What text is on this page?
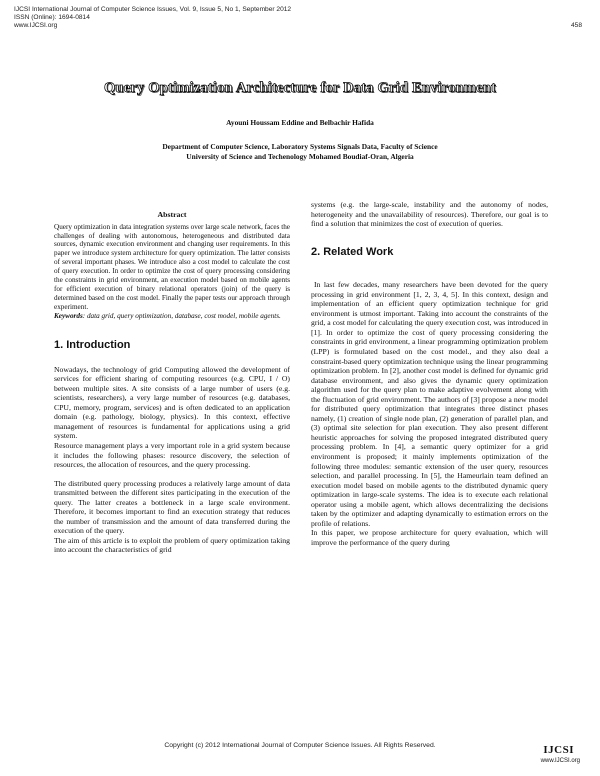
IJCSI International Journal of Computer Science Issues, Vol. 9, Issue 5, No 1, September 2012
ISSN (Online): 1694-0814
www.IJCSI.org	458
Query Optimization Architecture for Data Grid Environment
Ayouni Houssam Eddine and Belbachir Hafida
Department of Computer Science, Laboratory Systems Signals Data, Faculty of Science
University of Science and Techenology Mohamed Boudiaf-Oran, Algeria
Abstract

Query optimization in data integration systems over large scale network, faces the challenges of dealing with autonomous, heterogeneous and distributed data sources, dynamic execution environment and changing user requirements. In this paper we introduce system architecture for query optimization. The latter consists of several important phases. We introduce also a cost model to calculate the cost of query execution. In order to optimize the cost of query processing considering the constraints in grid environment, an execution model based on mobile agents for efficient execution of binary relational operators (join) of the query is determined based on the cost model. Finally the paper tests our approach through experiment.

Keywords: data grid, query optimization, database, cost model, mobile agents.

1. Introduction

Nowadays, the technology of grid Computing allowed the development of services for efficient sharing of computing resources (e.g. CPU, I / O) between multiple sites. A site consists of a large number of users (e.g. scientists, researchers), a very large number of resources (e.g. databases, CPU, memory, program, services) and is often dedicated to an application domain (e.g. pathology, biology, physics). In this context, effective management of resources is fundamental for applications using a grid system.

Resource management plays a very important role in a grid system because it includes the following phases: resource discovery, the selection of resources, the allocation of resources, and the query processing.

The distributed query processing produces a relatively large amount of data transmitted between the different sites participating in the execution of the query. The latter creates a bottleneck in a large scale environment. Therefore, it becomes important to find an execution strategy that reduces the number of transmission and the amount of data transferred during the execution of the query.

The aim of this article is to exploit the problem of query optimization taking into account the characteristics of grid

systems (e.g. the large-scale, instability and the autonomy of nodes, heterogeneity and the unavailability of resources). Therefore, our goal is to find a solution that minimizes the cost of execution of queries.

2. Related Work

In last few decades, many researchers have been devoted for the query processing in grid environment [1, 2, 3, 4, 5]. In this context, design and implementation of an efficient query optimization technique for grid environment is utmost important. Taking into account the constraints of the grid, a cost model for calculating the query execution cost, was introduced in [1]. In order to optimize the cost of query processing considering the constraints in grid environment, a linear programming optimization problem (LPP) is formulated based on the cost model., and they also deal a constraint-based query optimization technique using the linear programming optimization problem. In [2], another cost model is defined for dynamic grid database environment, and also gives the dynamic query optimization algorithm used for the query plan to make adaptive evolvement along with the fluctuation of grid environment. The authors of [3] propose a new model for distributed query optimization that integrates three distinct phases namely, (1) creation of single node plan, (2) generation of parallel plan, and (3) optimal site selection for plan execution. They also present different heuristic approaches for solving the proposed integrated distributed query processing problem. In [4], a semantic query optimizer for a grid environment is proposed; it mainly implements optimization of the following three modules: semantic extension of the user query, resources selection, and parallel processing. In [5], the Hameurlain team defined an execution model based on mobile agents to the distributed dynamic query optimization in large-scale systems. The idea is to execute each relational operator using a mobile agent, which allows decentralizing the decisions taken by the optimizer and adapting dynamically to estimation errors on the profile of relations.

In this paper, we propose architecture for query evaluation, which will improve the performance of the query during

Copyright (c) 2012 International Journal of Computer Science Issues. All Rights Reserved.	IJCSI
www.IJCSI.org
